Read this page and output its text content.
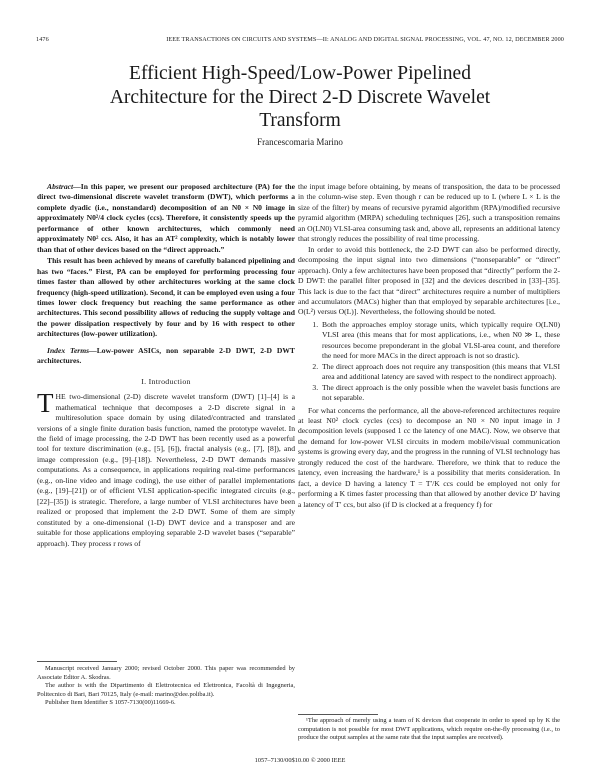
1476	IEEE TRANSACTIONS ON CIRCUITS AND SYSTEMS—II: ANALOG AND DIGITAL SIGNAL PROCESSING, VOL. 47, NO. 12, DECEMBER 2000
Efficient High-Speed/Low-Power Pipelined
Architecture for the Direct 2-D Discrete Wavelet
Transform
Francescomaria Marino

Abstract—In this paper, we present our proposed architecture (PA) for the direct two-dimensional discrete wavelet transform (DWT), which performs a complete dyadic (i.e., nonstandard) decomposition of an N0 × N0 image in approximately N0²/4 clock cycles (ccs). Therefore, it consistently speeds up the performance of other known architectures, which commonly need approximately N0² ccs. Also, it has an AT² complexity, which is notably lower than that of other devices based on the “direct approach.”

This result has been achieved by means of carefully balanced pipelining and has two “faces.” First, PA can be employed for performing processing four times faster than allowed by other architectures working at the same clock frequency (high-speed utilization). Second, it can be employed even using a four times lower clock frequency but reaching the same performance as other architectures. This second possibility allows of reducing the supply voltage and the power dissipation respectively by four and by 16 with respect to other architectures (low-power utilization).

Index Terms—Low-power ASICs, non separable 2-D DWT, 2-D DWT architectures.

I. Introduction

THE two-dimensional (2-D) discrete wavelet transform (DWT) [1]–[4] is a mathematical technique that decomposes a 2-D discrete signal in a multiresolution space domain by using dilated/contracted and translated versions of a single finite duration basis function, named the prototype wavelet. In the field of image processing, the 2-D DWT has been recently used as a powerful tool for texture discrimination (e.g., [5], [6]), fractal analysis (e.g., [7], [8]), and image compression (e.g., [9]–[18]). Nevertheless, 2-D DWT demands massive computations. As a consequence, in applications requiring real-time performances (e.g., on-line video and image coding), the use either of parallel implementations (e.g., [19]–[21]) or of efficient VLSI application-specific integrated circuits (e.g., [22]–[35]) is strategic. Therefore, a large number of VLSI architectures have been realized or proposed that implement the 2-D DWT. Some of them are simply constituted by a one-dimensional (1-D) DWT device and a transposer and are suitable for those applications employing separable 2-D wavelet bases (“separable” approach). They process r rows of

the input image before obtaining, by means of transposition, the data to be processed in the column-wise step. Even though r can be reduced up to L (where L × L is the size of the filter) by means of recursive pyramid algorithm (RPA)/modified recursive pyramid algorithm (MRPA) scheduling techniques [26], such a transposition remains an O(LN0) VLSI-area consuming task and, above all, represents an additional latency that strongly reduces the possibility of real time processing.

In order to avoid this bottleneck, the 2-D DWT can also be performed directly, decomposing the input signal into two dimensions (“nonseparable” or “direct” approach). Only a few architectures have been proposed that “directly” perform the 2-D DWT: the parallel filter proposed in [32] and the devices described in [33]–[35]. This lack is due to the fact that “direct” architectures require a number of multipliers and accumulators (MACs) higher than that employed by separable architectures [i.e., O(L²) versus O(L)]. Nevertheless, the following should be noted.

1. Both the approaches employ storage units, which typically require O(LN0) VLSI area (this means that for most applications, i.e., when N0 ≫ L, these resources become preponderant in the global VLSI-area count, and therefore the need for more MACs in the direct approach is not so drastic).
2. The direct approach does not require any transposition (this means that VLSI area and additional latency are saved with respect to the nondirect approach).
3. The direct approach is the only possible when the wavelet basis functions are not separable.

For what concerns the performance, all the above-referenced architectures require at least N0² clock cycles (ccs) to decompose an N0 × N0 input image in J decomposition levels (supposed 1 cc the latency of one MAC). Now, we observe that the demand for low-power VLSI circuits in modern mobile/visual communication systems is growing every day, and the progress in the running of VLSI technology has strongly reduced the cost of the hardware. Therefore, we think that to reduce the latency, even increasing the hardware,¹ is a possibility that merits consideration. In fact, a device D having a latency T = T′/K ccs could be employed not only for performing a K times faster processing than that allowed by another device D′ having a latency of T′ ccs, but also (if D is clocked at a frequency f) for

Manuscript received January 2000; revised October 2000. This paper was recommended by Associate Editor A. Skodras.

The author is with the Dipartimento di Elettrotecnica ed Elettronica, Facoltà di Ingegneria, Politecnico di Bari, Bari 70125, Italy (e-mail: marino@dee.poliba.it).

Publisher Item Identifier S 1057-7130(00)11669-6.

¹The approach of merely using a team of K devices that cooperate in order to speed up by K the computation is not possible for most DWT applications, which require on-the-fly processing (i.e., to produce the output samples at the same rate that the input samples are received).

1057–7130/00$10.00 © 2000 IEEE
